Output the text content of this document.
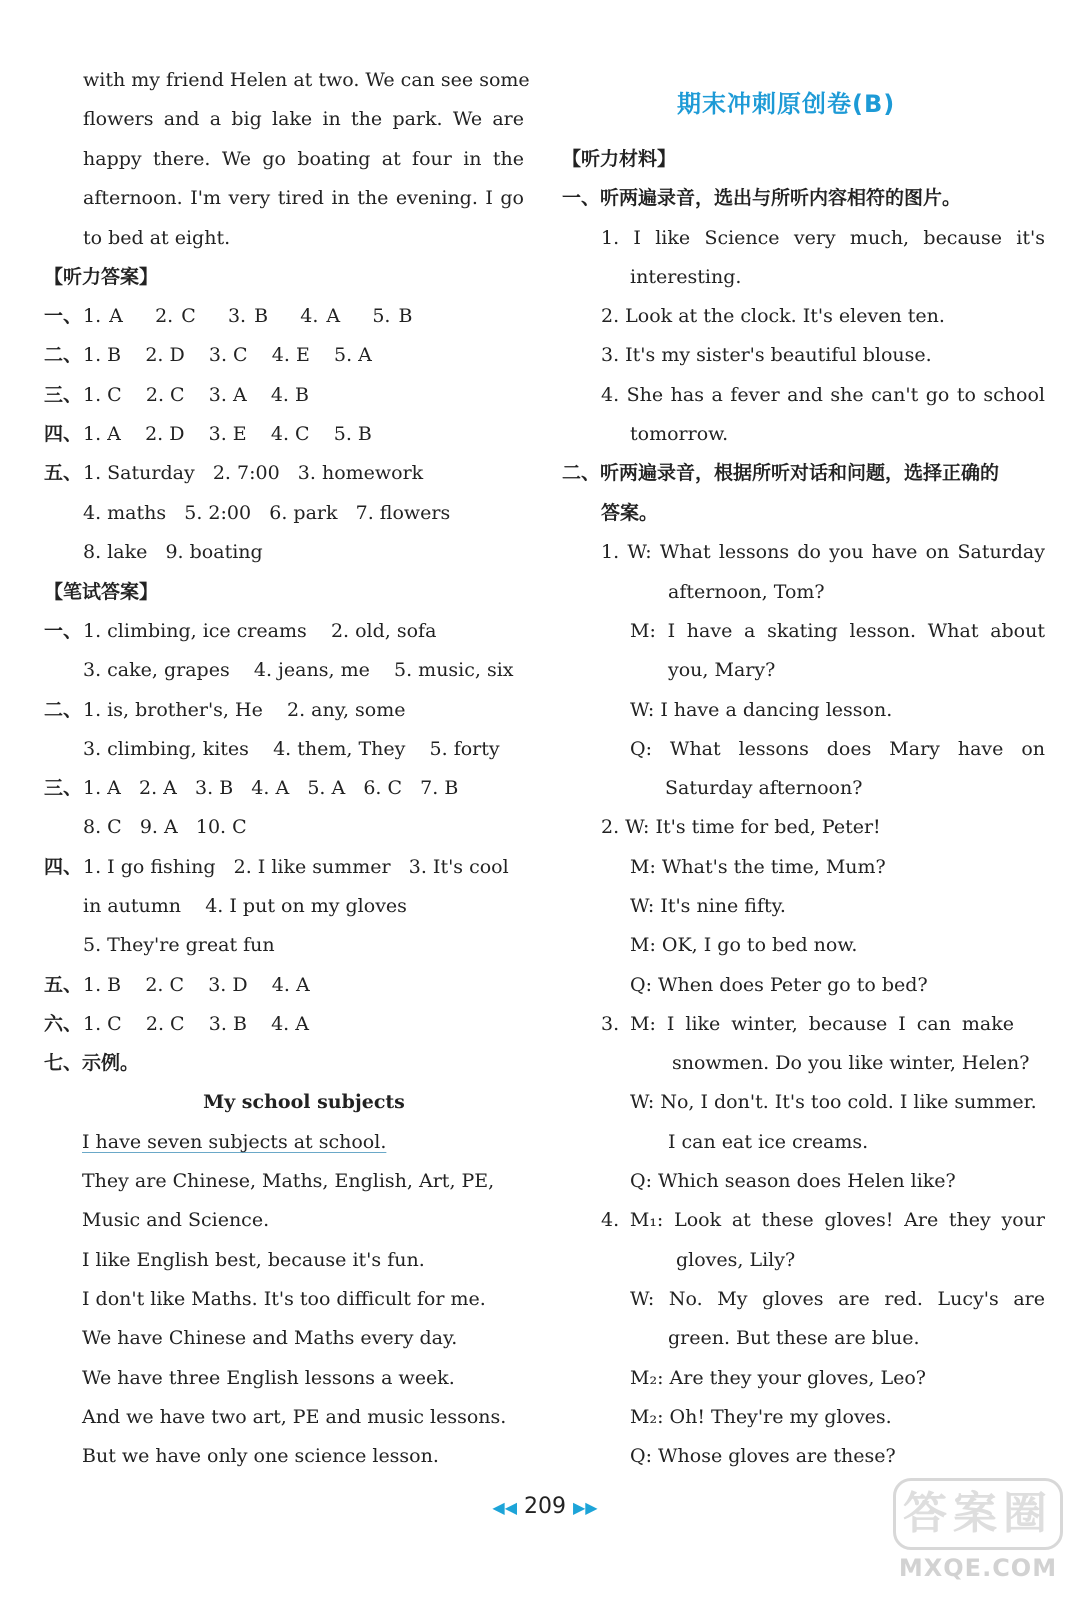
with my friend Helen at two. We can see some
flowers and a big lake in the park. We are
happy there. We go boating at four in the
afternoon. I'm very tired in the evening. I go
to bed at eight.
【听力答案】
一、 1. A 2. C 3. B 4. A 5. B
二、 1. B 2. D 3. C 4. E 5. A
三、 1. C 2. C 3. A 4. B
四、 1. A 2. D 3. E 4. C 5. B
五、 1. Saturday 2. 7:00 3. homework
4. maths 5. 2:00 6. park 7. flowers
8. lake 9. boating
【笔试答案】
一、 1. climbing, ice creams 2. old, sofa
3. cake, grapes 4. jeans, me 5. music, six
二、 1. is, brother's, He 2. any, some
3. climbing, kites 4. them, They 5. forty
三、 1. A 2. A 3. B 4. A 5. A 6. C 7. B
8. C 9. A 10. C
四、 1. I go fishing 2. I like summer 3. It's cool
in autumn 4. I put on my gloves
5. They're great fun
五、 1. B 2. C 3. D 4. A
六、 1. C 2. C 3. B 4. A
七、示例。
My school subjects
I have seven subjects at school.
They are Chinese, Maths, English, Art, PE,
Music and Science.
I like English best, because it's fun.
I don't like Maths. It's too difficult for me.
We have Chinese and Maths every day.
We have three English lessons a week.
And we have two art, PE and music lessons.
But we have only one science lesson.
期末冲刺原创卷(B)
【听力材料】
一、听两遍录音，选出与所听内容相符的图片。
1. I like Science very much, because it's
interesting.
2. Look at the clock. It's eleven ten.
3. It's my sister's beautiful blouse.
4. She has a fever and she can't go to school
tomorrow.
二、听两遍录音，根据所听对话和问题，选择正确的
答案。
1. W: What lessons do you have on Saturday
afternoon, Tom?
M: I have a skating lesson. What about
you, Mary?
W: I have a dancing lesson.
Q: What lessons does Mary have on
Saturday afternoon?
2. W: It's time for bed, Peter!
M: What's the time, Mum?
W: It's nine fifty.
M: OK, I go to bed now.
Q: When does Peter go to bed?
3. M: I like winter, because I can make
snowmen. Do you like winter, Helen?
W: No, I don't. It's too cold. I like summer.
I can eat ice creams.
Q: Which season does Helen like?
4. M₁: Look at these gloves! Are they your
gloves, Lily?
W: No. My gloves are red. Lucy's are
green. But these are blue.
M₂: Are they your gloves, Leo?
M₂: Oh! They're my gloves.
Q: Whose gloves are these?
◀◀ 209 ▶▶	答案圈
MXQE.COM
